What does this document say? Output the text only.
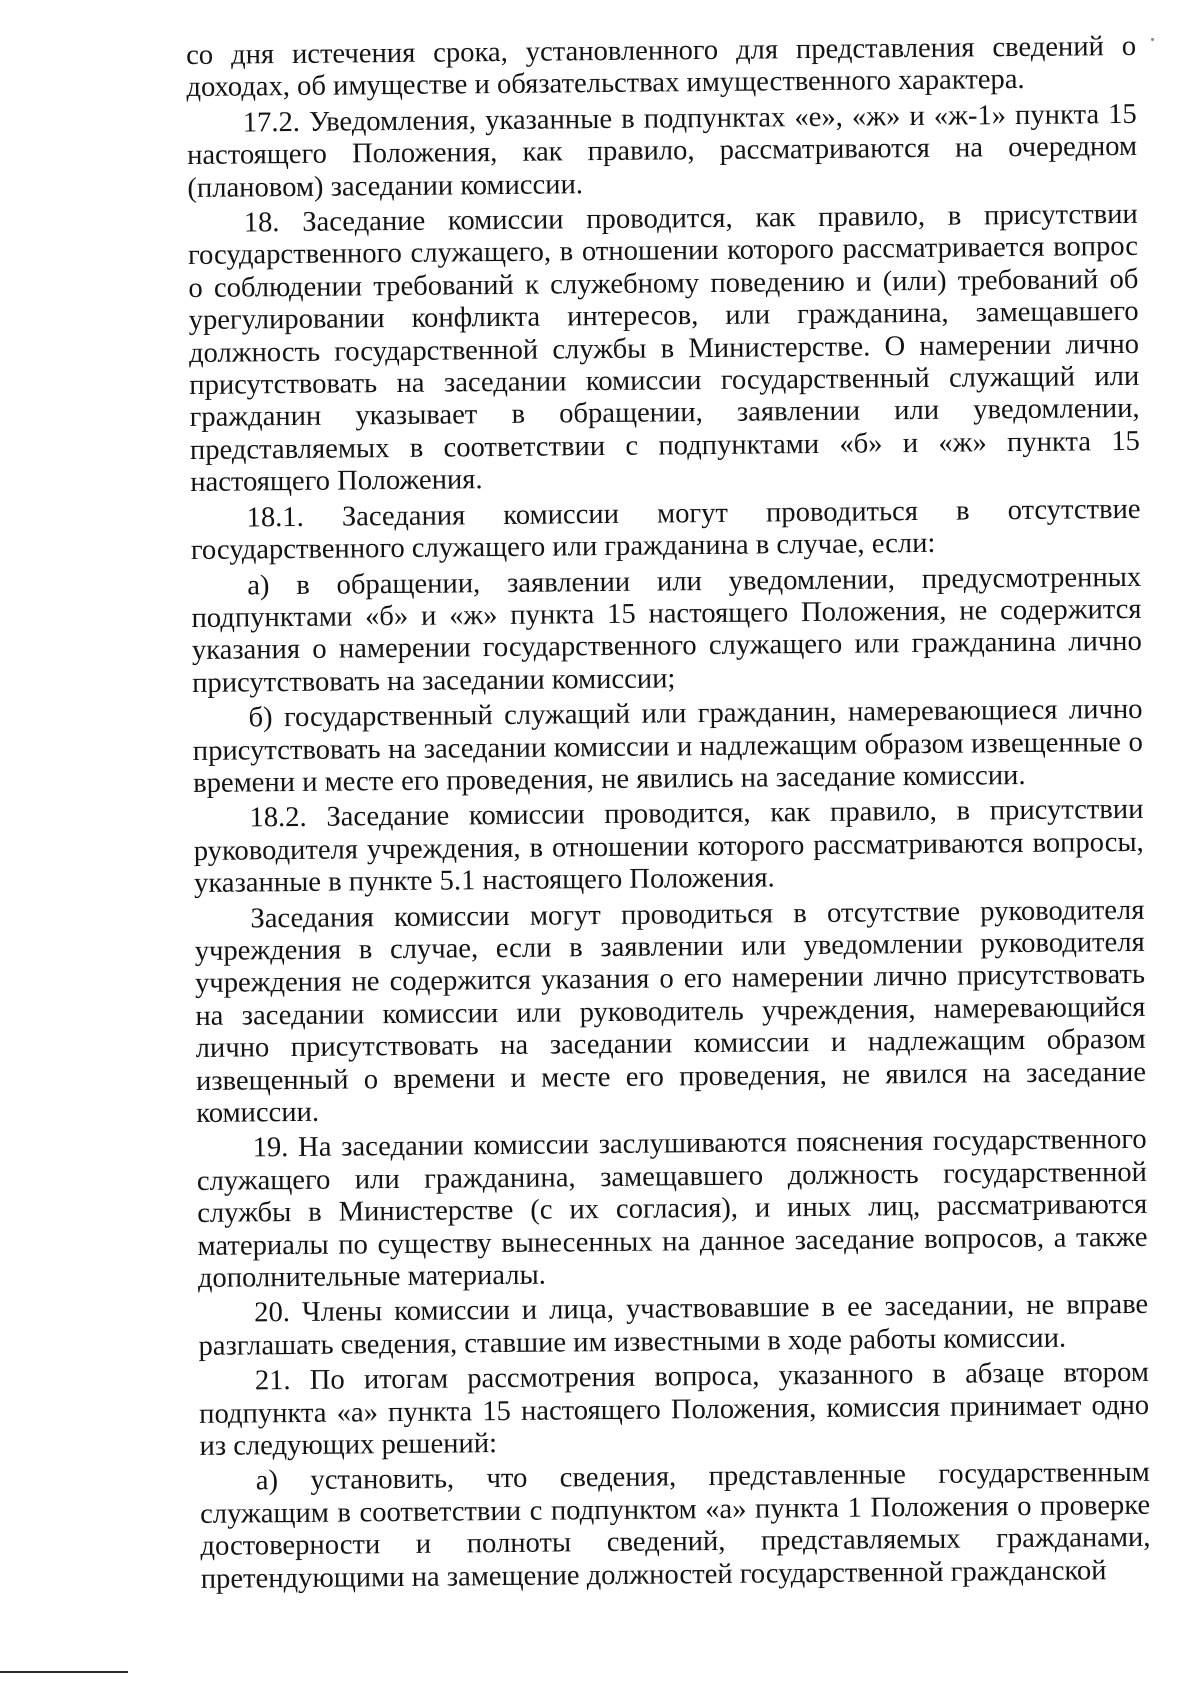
со дня истечения срока, установленного для представления сведений о доходах, об имуществе и обязательствах имущественного характера.

17.2. Уведомления, указанные в подпунктах «е», «ж» и «ж-1» пункта 15 настоящего Положения, как правило, рассматриваются на очередном (плановом) заседании комиссии.

18. Заседание комиссии проводится, как правило, в присутствии государственного служащего, в отношении которого рассматривается вопрос о соблюдении требований к служебному поведению и (или) требований об урегулировании конфликта интересов, или гражданина, замещавшего должность государственной службы в Министерстве. О намерении лично присутствовать на заседании комиссии государственный служащий или гражданин указывает в обращении, заявлении или уведомлении, представляемых в соответствии с подпунктами «б» и «ж» пункта 15 настоящего Положения.

18.1. Заседания комиссии могут проводиться в отсутствие государственного служащего или гражданина в случае, если:

а) в обращении, заявлении или уведомлении, предусмотренных подпунктами «б» и «ж» пункта 15 настоящего Положения, не содержится указания о намерении государственного служащего или гражданина лично присутствовать на заседании комиссии;

б) государственный служащий или гражданин, намеревающиеся лично присутствовать на заседании комиссии и надлежащим образом извещенные о времени и месте его проведения, не явились на заседание комиссии.

18.2. Заседание комиссии проводится, как правило, в присутствии руководителя учреждения, в отношении которого рассматриваются вопросы, указанные в пункте 5.1 настоящего Положения.

Заседания комиссии могут проводиться в отсутствие руководителя учреждения в случае, если в заявлении или уведомлении руководителя учреждения не содержится указания о его намерении лично присутствовать на заседании комиссии или руководитель учреждения, намеревающийся лично присутствовать на заседании комиссии и надлежащим образом извещенный о времени и месте его проведения, не явился на заседание комиссии.

19. На заседании комиссии заслушиваются пояснения государственного служащего или гражданина, замещавшего должность государственной службы в Министерстве (с их согласия), и иных лиц, рассматриваются материалы по существу вынесенных на данное заседание вопросов, а также дополнительные материалы.

20. Члены комиссии и лица, участвовавшие в ее заседании, не вправе разглашать сведения, ставшие им известными в ходе работы комиссии.

21. По итогам рассмотрения вопроса, указанного в абзаце втором подпункта «а» пункта 15 настоящего Положения, комиссия принимает одно из следующих решений:

а) установить, что сведения, представленные государственным служащим в соответствии с подпунктом «а» пункта 1 Положения о проверке достоверности и полноты сведений, представляемых гражданами, претендующими на замещение должностей государственной гражданской
